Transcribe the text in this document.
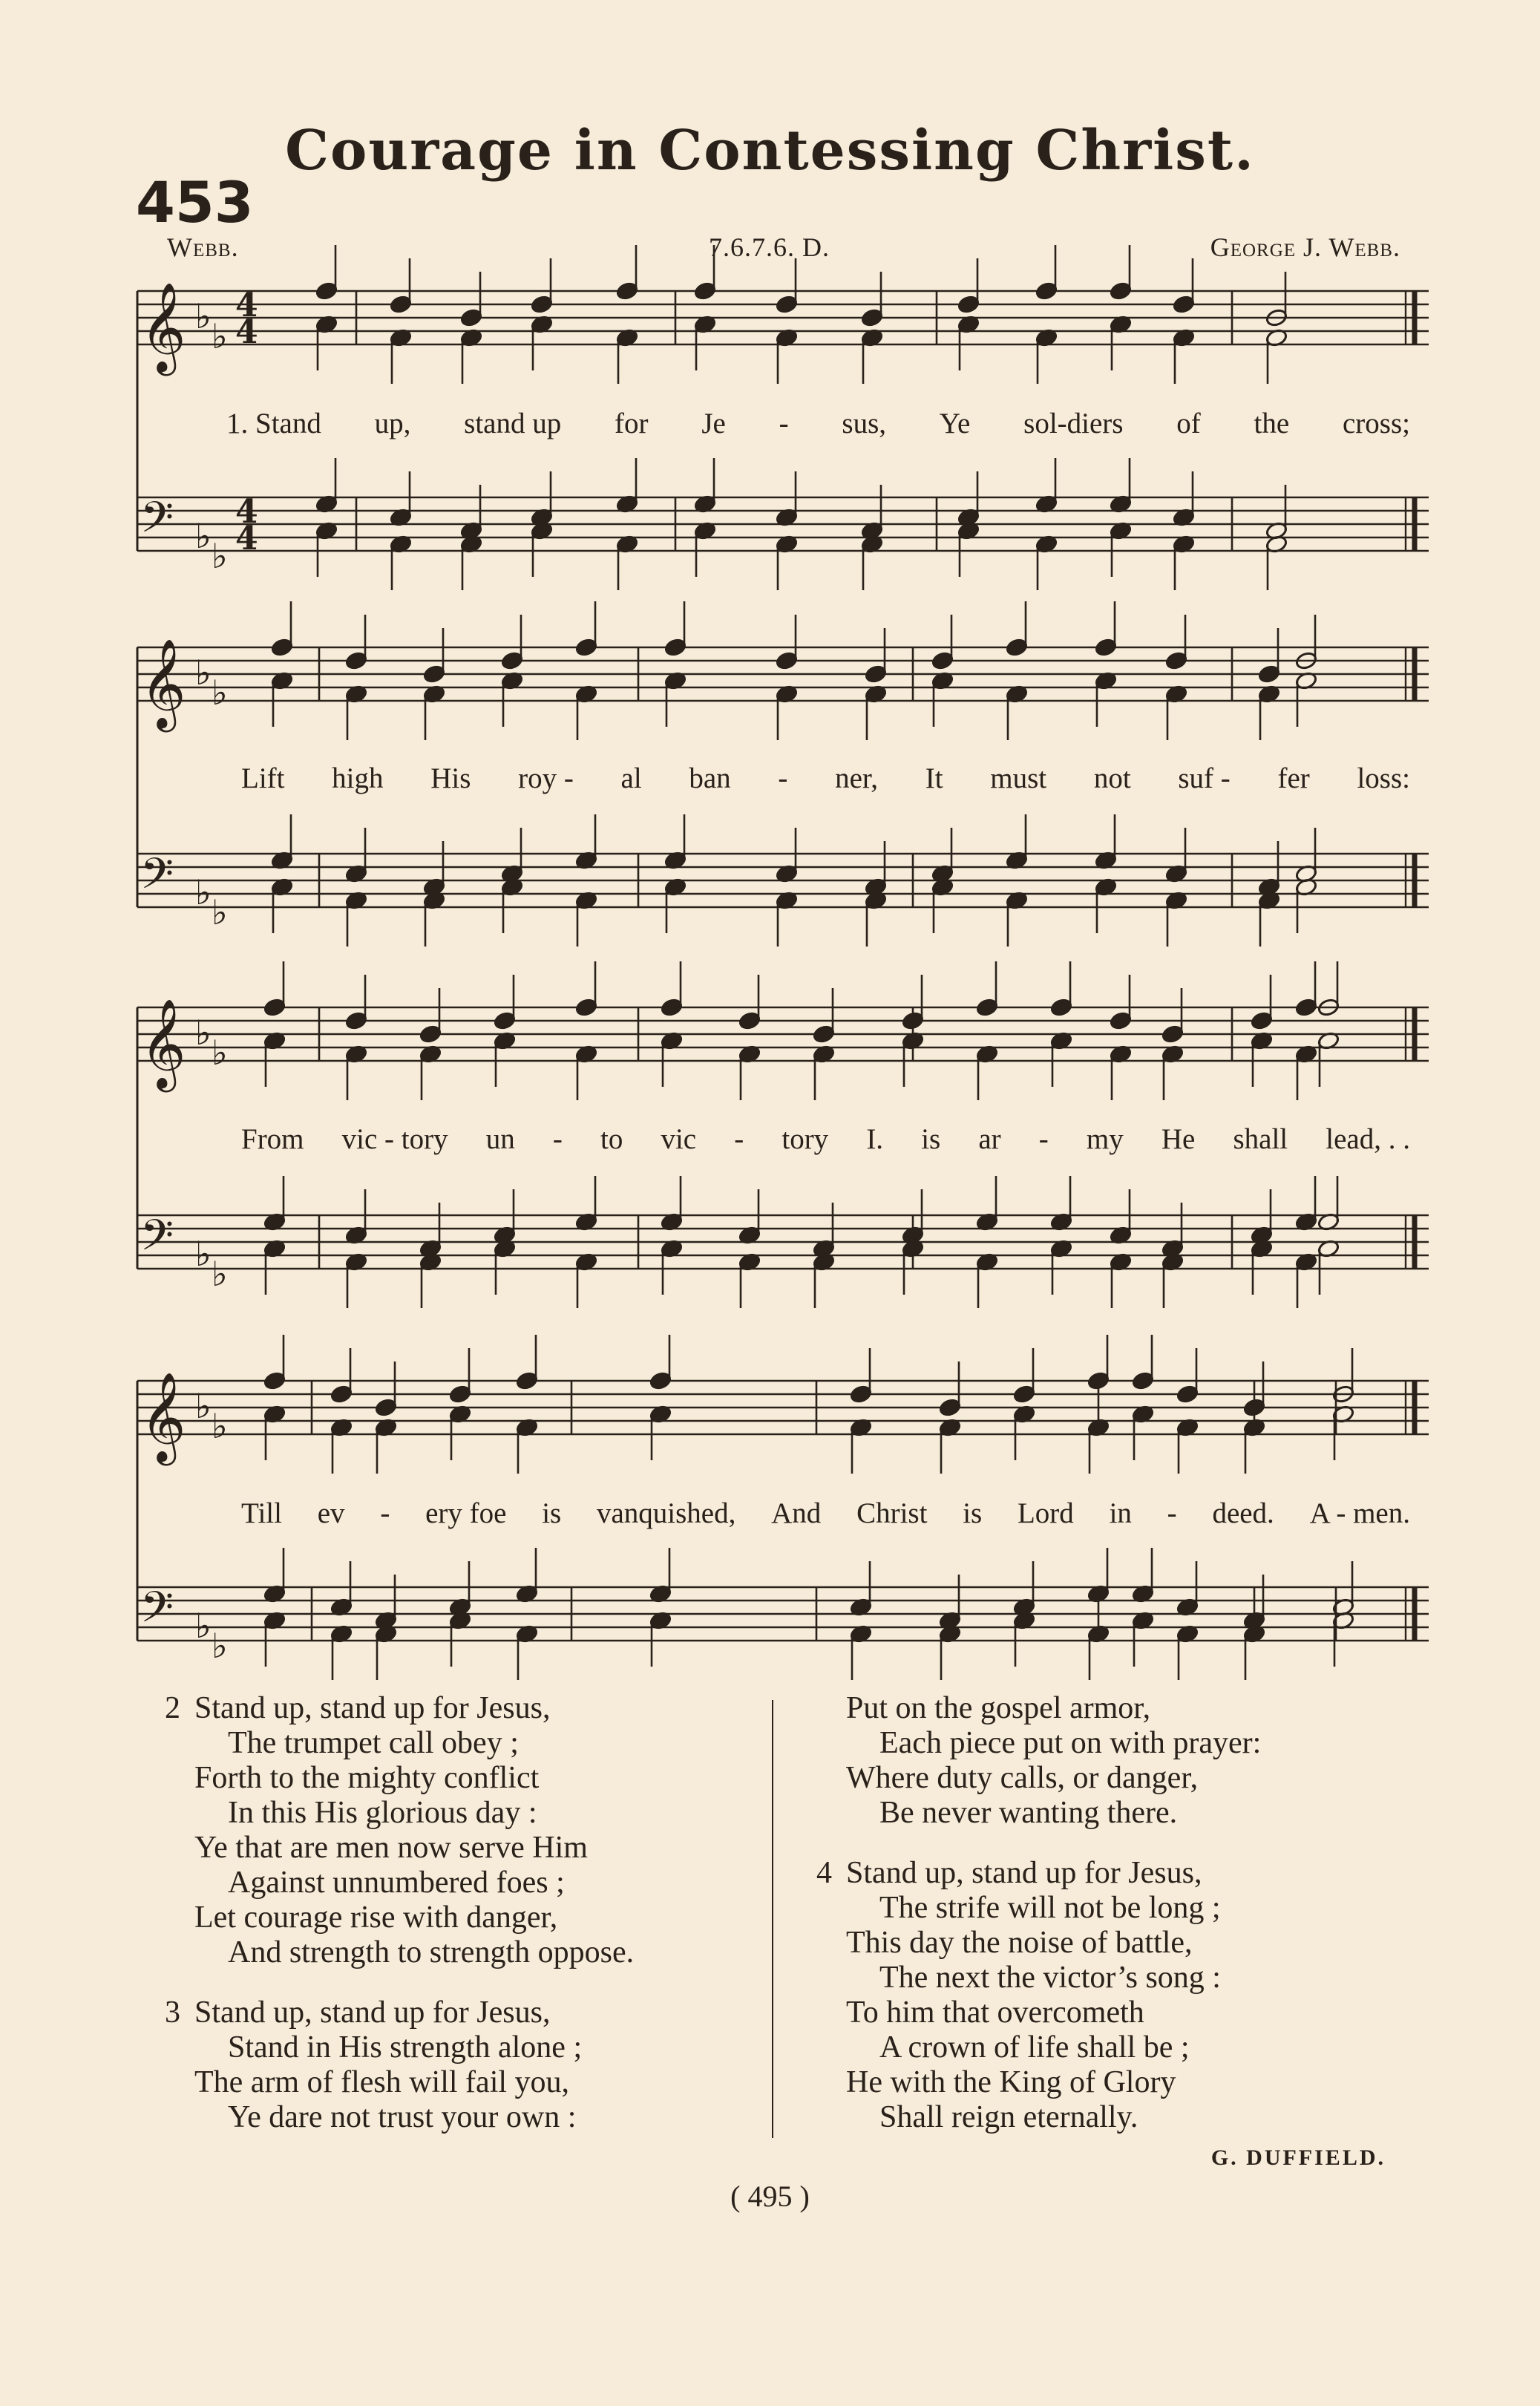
Courage in Contessing Christ.
453
Webb.	7.6.7.6. D.	George J. Webb.
𝄞 ♭ ♭
4
4
𝄢 ♭ ♭
4
4
𝄞 ♭ ♭
𝄢 ♭ ♭
𝄞 ♭ ♭
𝄢 ♭ ♭
𝄞 ♭ ♭
𝄢 ♭ ♭
1. Stand up, stand up for Je - sus, Ye sol-diers of the cross;
Lift high His roy - al ban - ner, It must not suf - fer loss:
From vic - tory un - to vic - tory I. is ar - my He shall lead, . .
Till ev - ery foe is vanquished, And Christ is Lord in - deed. A - men.
2 Stand up, stand up for Jesus,
The trumpet call obey ;
Forth to the mighty conflict
In this His glorious day :
Ye that are men now serve Him
Against unnumbered foes ;
Let courage rise with danger,
And strength to strength oppose.
3 Stand up, stand up for Jesus,
Stand in His strength alone ;
The arm of flesh will fail you,
Ye dare not trust your own :
Put on the gospel armor,
Each piece put on with prayer:
Where duty calls, or danger,
Be never wanting there.
4 Stand up, stand up for Jesus,
The strife will not be long ;
This day the noise of battle,
The next the victor’s song :
To him that overcometh
A crown of life shall be ;
He with the King of Glory
Shall reign eternally.
G. DUFFIELD.
( 495 )
